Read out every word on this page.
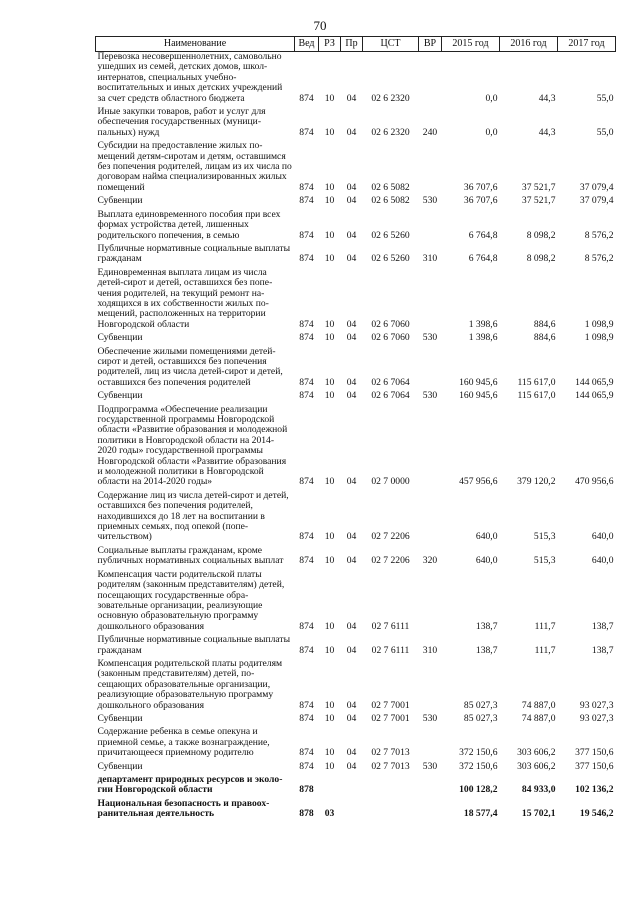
70
Наименование	Вед	РЗ	Пр	ЦСТ	ВР	2015 год	2016 год	2017 год
Перевозка несовершеннолетних, самовольно ушедших из семей, детских домов, школ-интернатов, специальных учебно-воспитательных и иных детских учреждений за счет средств областного бюджета	874	10	04	02 6 2320		0,0	44,3	55,0
Иные закупки товаров, работ и услуг для обеспечения государственных (муниципальных) нужд	874	10	04	02 6 2320	240	0,0	44,3	55,0
Субсидии на предоставление жилых помещений детям-сиротам и детям, оставшимся без попечения родителей, лицам из их числа по договорам найма специализированных жилых помещений	874	10	04	02 6 5082		36 707,6	37 521,7	37 079,4
Субвенции	874	10	04	02 6 5082	530	36 707,6	37 521,7	37 079,4
Выплата единовременного пособия при всех формах устройства детей, лишенных родительского попечения, в семью	874	10	04	02 6 5260		6 764,8	8 098,2	8 576,2
Публичные нормативные социальные выплаты гражданам	874	10	04	02 6 5260	310	6 764,8	8 098,2	8 576,2
Единовременная выплата лицам из числа детей-сирот и детей, оставшихся без попечения родителей, на текущий ремонт находящихся в их собственности жилых помещений, расположенных на территории Новгородской области	874	10	04	02 6 7060		1 398,6	884,6	1 098,9
Субвенции	874	10	04	02 6 7060	530	1 398,6	884,6	1 098,9
Обеспечение жилыми помещениями детей-сирот и детей, оставшихся без попечения родителей, лиц из числа детей-сирот и детей, оставшихся без попечения родителей	874	10	04	02 6 7064		160 945,6	115 617,0	144 065,9
Субвенции	874	10	04	02 6 7064	530	160 945,6	115 617,0	144 065,9
Подпрограмма «Обеспечение реализации государственной программы Новгородской области «Развитие образования и молодежной политики в Новгородской области на 2014-2020 годы» государственной программы Новгородской области «Развитие образования и молодежной политики в Новгородской области на 2014-2020 годы»	874	10	04	02 7 0000		457 956,6	379 120,2	470 956,6
Содержание лиц из числа детей-сирот и детей, оставшихся без попечения родителей, находившихся до 18 лет на воспитании в приемных семьях, под опекой (попечительством)	874	10	04	02 7 2206		640,0	515,3	640,0
Социальные выплаты гражданам, кроме публичных нормативных социальных выплат	874	10	04	02 7 2206	320	640,0	515,3	640,0
Компенсация части родительской платы родителям (законным представителям) детей, посещающих государственные образовательные организации, реализующие основную образовательную программу дошкольного образования	874	10	04	02 7 6111		138,7	111,7	138,7
Публичные нормативные социальные выплаты гражданам	874	10	04	02 7 6111	310	138,7	111,7	138,7
Компенсация родительской платы родителям (законным представителям) детей, посещающих образовательные организации, реализующие образовательную программу дошкольного образования	874	10	04	02 7 7001		85 027,3	74 887,0	93 027,3
Субвенции	874	10	04	02 7 7001	530	85 027,3	74 887,0	93 027,3
Содержание ребенка в семье опекуна и приемной семье, а также вознаграждение, причитающееся приемному родителю	874	10	04	02 7 7013		372 150,6	303 606,2	377 150,6
Субвенции	874	10	04	02 7 7013	530	372 150,6	303 606,2	377 150,6
департамент природных ресурсов и экологии Новгородской области	878					100 128,2	84 933,0	102 136,2
Национальная безопасность и правоохранительная деятельность	878	03				18 577,4	15 702,1	19 546,2
